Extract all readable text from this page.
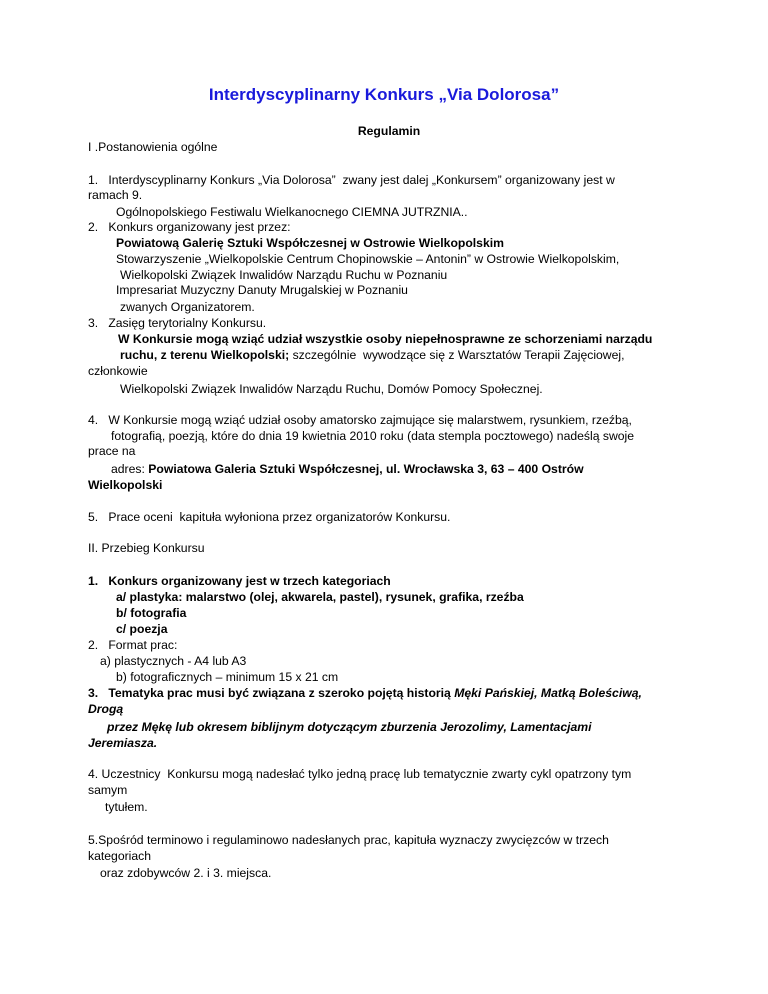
Interdyscyplinarny Konkurs „Via Dolorosa”
Regulamin
I .Postanowienia ogólne
1.   Interdyscyplinarny Konkurs „Via Dolorosa”  zwany jest dalej „Konkursem” organizowany jest w
ramach 9.
Ogólnopolskiego Festiwalu Wielkanocnego CIEMNA JUTRZNIA..
2.   Konkurs organizowany jest przez:
Powiatową Galerię Sztuki Współczesnej w Ostrowie Wielkopolskim
Stowarzyszenie „Wielkopolskie Centrum Chopinowskie – Antonin” w Ostrowie Wielkopolskim,
Wielkopolski Związek Inwalidów Narządu Ruchu w Poznaniu
Impresariat Muzyczny Danuty Mrugalskiej w Poznaniu
zwanych Organizatorem.
3.   Zasięg terytorialny Konkursu.
W Konkursie mogą wziąć udział wszystkie osoby niepełnosprawne ze schorzeniami narządu
ruchu, z terenu Wielkopolski; szczególnie  wywodzące się z Warsztatów Terapii Zajęciowej,
członkowie
Wielkopolski Związek Inwalidów Narządu Ruchu, Domów Pomocy Społecznej.
4.   W Konkursie mogą wziąć udział osoby amatorsko zajmujące się malarstwem, rysunkiem, rzeźbą,
fotografią, poezją, które do dnia 19 kwietnia 2010 roku (data stempla pocztowego) nadeślą swoje
prace na
adres: Powiatowa Galeria Sztuki Współczesnej, ul. Wrocławska 3, 63 – 400 Ostrów
Wielkopolski
5.   Prace oceni  kapituła wyłoniona przez organizatorów Konkursu.
II. Przebieg Konkursu
1.   Konkurs organizowany jest w trzech kategoriach
a/ plastyka: malarstwo (olej, akwarela, pastel), rysunek, grafika, rzeźba
b/ fotografia
c/ poezja
2.   Format prac:
a) plastycznych - A4 lub A3
b) fotograficznych – minimum 15 x 21 cm
3.   Tematyka prac musi być związana z szeroko pojętą historią Męki Pańskiej, Matką Boleściwą,
Drogą
przez Mękę lub okresem biblijnym dotyczącym zburzenia Jerozolimy, Lamentacjami
Jeremiasza.
4. Uczestnicy  Konkursu mogą nadesłać tylko jedną pracę lub tematycznie zwarty cykl opatrzony tym
samym
tytułem.
5.Spośród terminowo i regulaminowo nadesłanych prac, kapituła wyznaczy zwycięzców w trzech
kategoriach
oraz zdobywców 2. i 3. miejsca.
